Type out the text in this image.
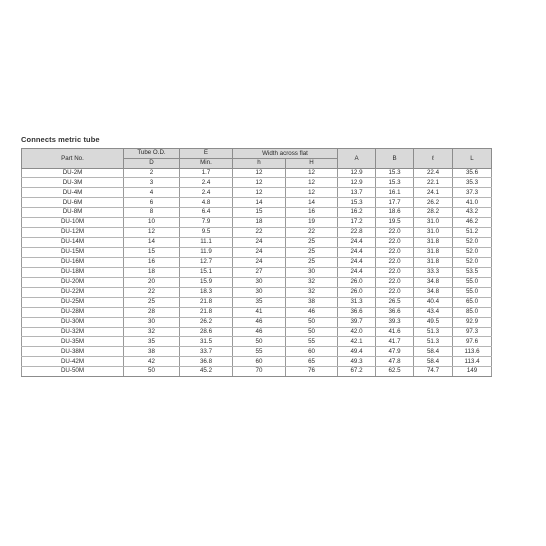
Connects metric tube
Part No.	Tube O.D.	E	Width across flat		A	B	ℓ	L
	D	Min.	h	H				
DU-2M	2	1.7	12	12	12.9	15.3	22.4	35.6
DU-3M	3	2.4	12	12	12.9	15.3	22.1	35.3
DU-4M	4	2.4	12	12	13.7	16.1	24.1	37.3
DU-6M	6	4.8	14	14	15.3	17.7	26.2	41.0
DU-8M	8	6.4	15	16	16.2	18.6	28.2	43.2
DU-10M	10	7.9	18	19	17.2	19.5	31.0	46.2
DU-12M	12	9.5	22	22	22.8	22.0	31.0	51.2
DU-14M	14	11.1	24	25	24.4	22.0	31.8	52.0
DU-15M	15	11.9	24	25	24.4	22.0	31.8	52.0
DU-16M	16	12.7	24	25	24.4	22.0	31.8	52.0
DU-18M	18	15.1	27	30	24.4	22.0	33.3	53.5
DU-20M	20	15.9	30	32	26.0	22.0	34.8	55.0
DU-22M	22	18.3	30	32	26.0	22.0	34.8	55.0
DU-25M	25	21.8	35	38	31.3	26.5	40.4	65.0
DU-28M	28	21.8	41	46	36.6	36.6	43.4	85.0
DU-30M	30	26.2	46	50	39.7	39.3	49.5	92.9
DU-32M	32	28.6	46	50	42.0	41.6	51.3	97.3
DU-35M	35	31.5	50	55	42.1	41.7	51.3	97.6
DU-38M	38	33.7	55	60	49.4	47.9	58.4	113.6
DU-42M	42	36.8	60	65	49.3	47.8	58.4	113.4
DU-50M	50	45.2	70	76	67.2	62.5	74.7	149
